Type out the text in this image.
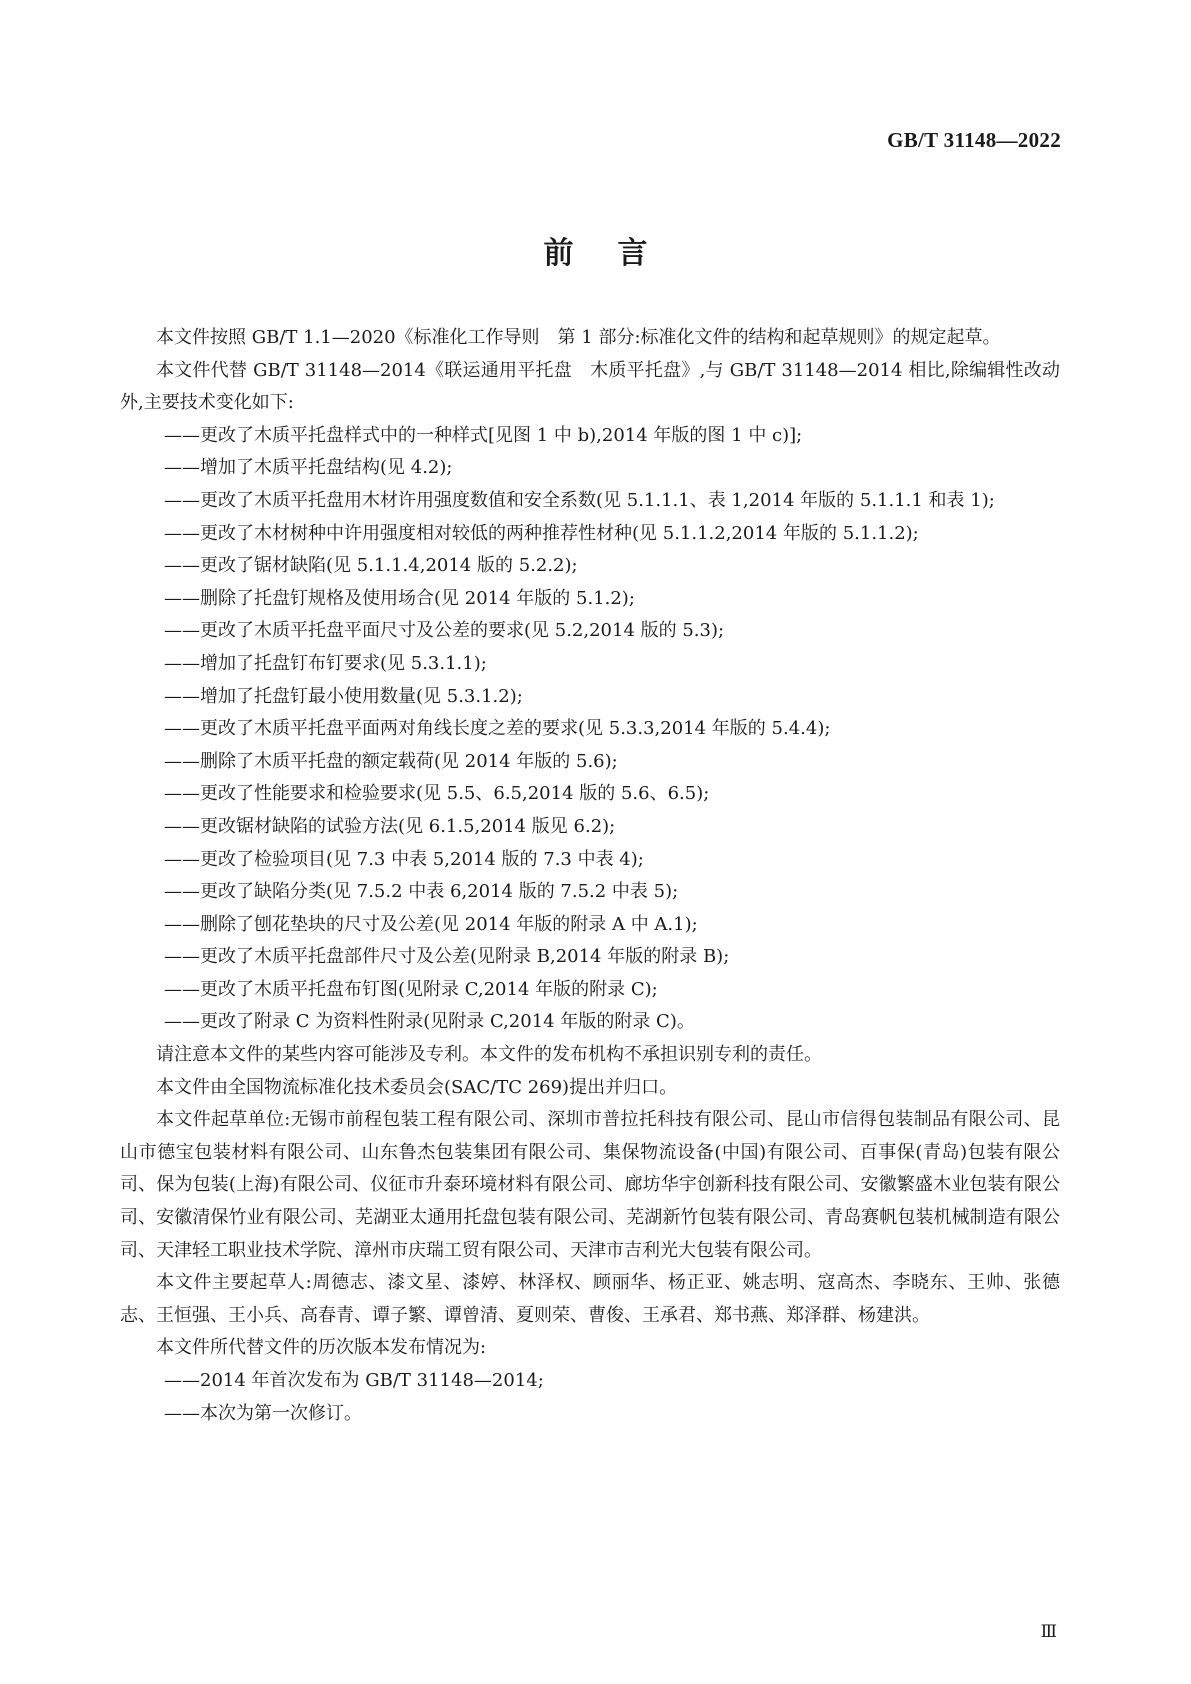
GB/T 31148—2022
前言

本文件按照 GB/T 1.1—2020《标准化工作导则　第 1 部分:标准化文件的结构和起草规则》的规定起草。

本文件代替 GB/T 31148—2014《联运通用平托盘　木质平托盘》,与 GB/T 31148—2014 相比,除编辑性改动外,主要技术变化如下:

——更改了木质平托盘样式中的一种样式[见图 1 中 b),2014 年版的图 1 中 c)];

——增加了木质平托盘结构(见 4.2);

——更改了木质平托盘用木材许用强度数值和安全系数(见 5.1.1.1、表 1,2014 年版的 5.1.1.1 和表 1);

——更改了木材树种中许用强度相对较低的两种推荐性材种(见 5.1.1.2,2014 年版的 5.1.1.2);

——更改了锯材缺陷(见 5.1.1.4,2014 版的 5.2.2);

——删除了托盘钉规格及使用场合(见 2014 年版的 5.1.2);

——更改了木质平托盘平面尺寸及公差的要求(见 5.2,2014 版的 5.3);

——增加了托盘钉布钉要求(见 5.3.1.1);

——增加了托盘钉最小使用数量(见 5.3.1.2);

——更改了木质平托盘平面两对角线长度之差的要求(见 5.3.3,2014 年版的 5.4.4);

——删除了木质平托盘的额定载荷(见 2014 年版的 5.6);

——更改了性能要求和检验要求(见 5.5、6.5,2014 版的 5.6、6.5);

——更改锯材缺陷的试验方法(见 6.1.5,2014 版见 6.2);

——更改了检验项目(见 7.3 中表 5,2014 版的 7.3 中表 4);

——更改了缺陷分类(见 7.5.2 中表 6,2014 版的 7.5.2 中表 5);

——删除了刨花垫块的尺寸及公差(见 2014 年版的附录 A 中 A.1);

——更改了木质平托盘部件尺寸及公差(见附录 B,2014 年版的附录 B);

——更改了木质平托盘布钉图(见附录 C,2014 年版的附录 C);

——更改了附录 C 为资料性附录(见附录 C,2014 年版的附录 C)。

请注意本文件的某些内容可能涉及专利。本文件的发布机构不承担识别专利的责任。

本文件由全国物流标准化技术委员会(SAC/TC 269)提出并归口。

本文件起草单位:无锡市前程包装工程有限公司、深圳市普拉托科技有限公司、昆山市信得包装制品有限公司、昆山市德宝包装材料有限公司、山东鲁杰包装集团有限公司、集保物流设备(中国)有限公司、百事保(青岛)包装有限公司、保为包装(上海)有限公司、仪征市升泰环境材料有限公司、廊坊华宇创新科技有限公司、安徽繁盛木业包装有限公司、安徽清保竹业有限公司、芜湖亚太通用托盘包装有限公司、芜湖新竹包装有限公司、青岛赛帆包装机械制造有限公司、天津轻工职业技术学院、漳州市庆瑞工贸有限公司、天津市吉利光大包装有限公司。

本文件主要起草人:周德志、漆文星、漆婷、林泽权、顾丽华、杨正亚、姚志明、寇高杰、李晓东、王帅、张德志、王恒强、王小兵、高春青、谭子繁、谭曾清、夏则荣、曹俊、王承君、郑书燕、郑泽群、杨建洪。

本文件所代替文件的历次版本发布情况为:

——2014 年首次发布为 GB/T 31148—2014;

——本次为第一次修订。

Ⅲ
